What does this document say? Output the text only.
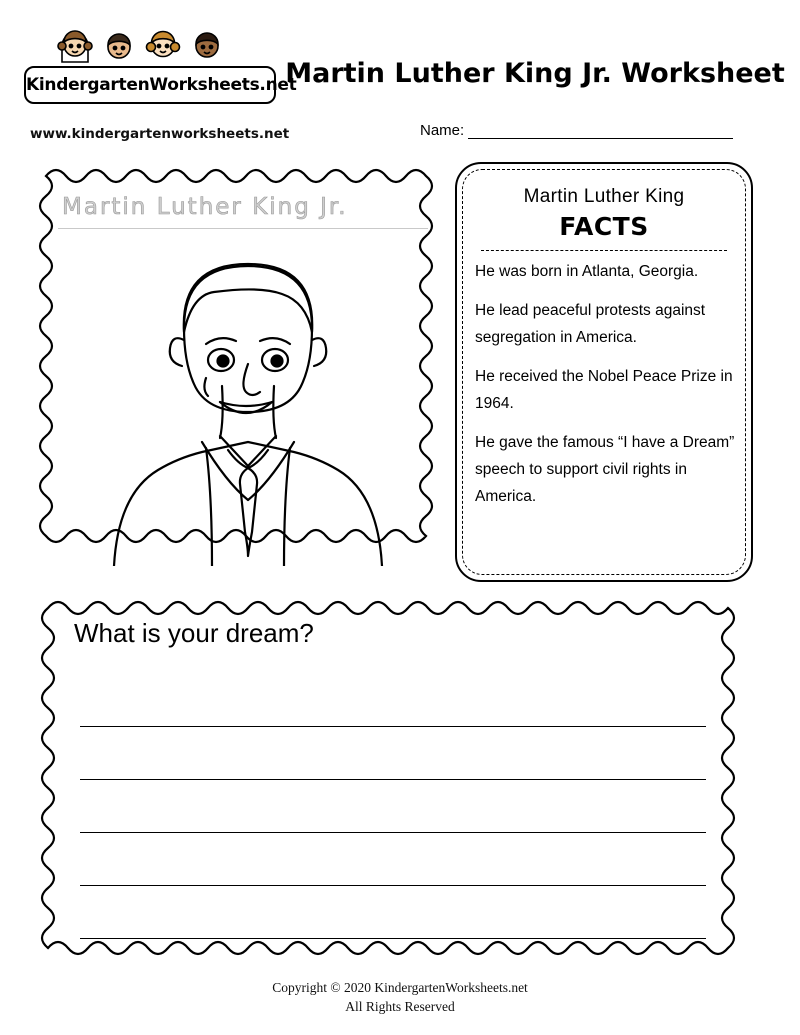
KindergartenWorksheets.net
www.kindergartenworksheets.net
Martin Luther King Jr. Worksheet
Name:
Martin Luther King Jr.	Martin Luther King
FACTS
He was born in Atlanta, Georgia.
He lead peaceful protests against segregation in America.
He received the Nobel Peace Prize in 1964.
He gave the famous “I have a Dream” speech to support civil rights in America.
What is your dream?
Copyright © 2020 KindergartenWorksheets.net
All Rights Reserved
